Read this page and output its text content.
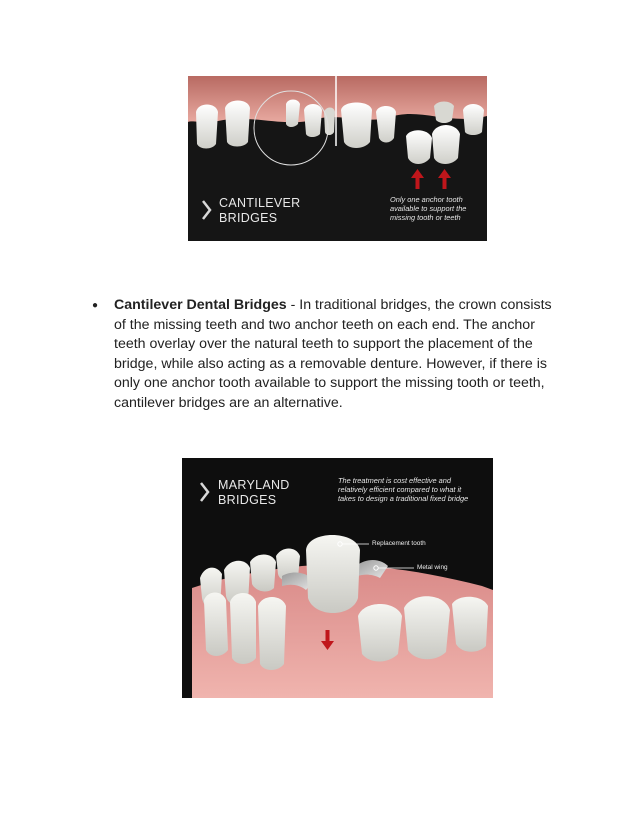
CANTILEVER
BRIDGES
Only one anchor tooth
available to support the
missing tooth or teeth
● Cantilever Dental Bridges - In traditional bridges, the crown consists of the missing teeth and two anchor teeth on each end. The anchor teeth overlay over the natural teeth to support the placement of the bridge, while also acting as a removable denture. However, if there is only one anchor tooth available to support the missing tooth or teeth, cantilever bridges are an alternative.
MARYLAND
BRIDGES
The treatment is cost effective and
relatively efficient compared to what it
takes to design a traditional fixed bridge
Replacement tooth
Metal wing
